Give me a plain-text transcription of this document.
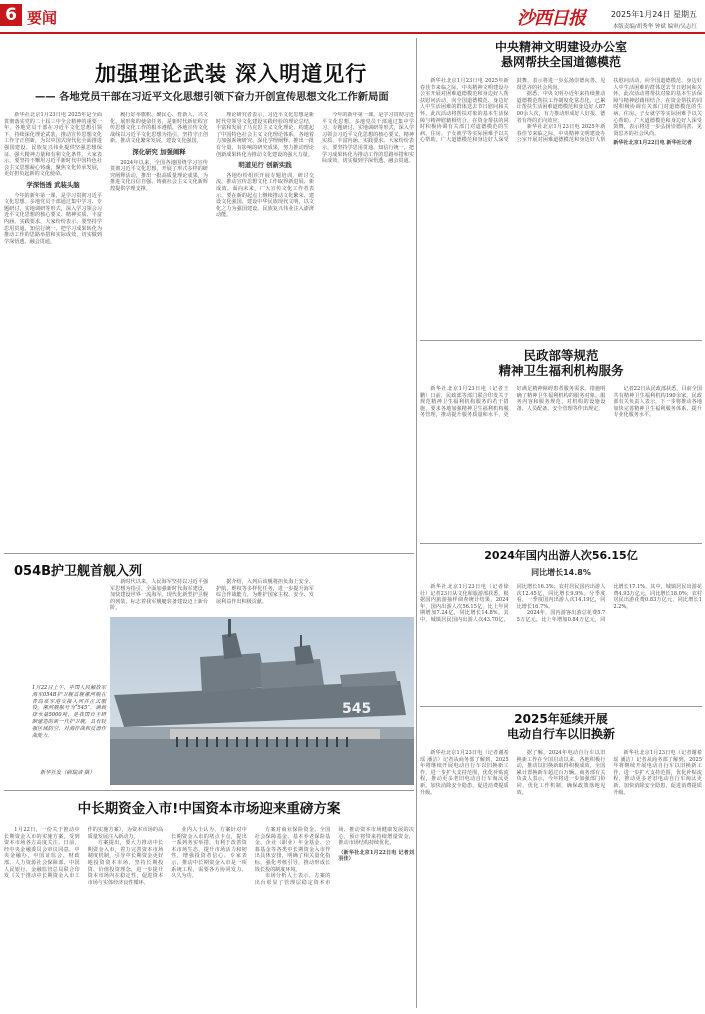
6 要闻	沙西日报	2025年1月24日 星期五
本版责编/胡秀华 钟斌 编审/吴志红
加强理论武装 深入明道见行
—— 各地党员干部在习近平文化思想引领下奋力开创宣传思想文化工作新局面

新华社北京1月23日电 2025年是全面贯彻落实党的二十届三中全会精神的重要一年。各地党员干部在习近平文化思想引领下，持续深化理论武装，推动宣传思想文化工作守正创新，为以中国式现代化全面推进强国建设、民族复兴伟业提供坚强思想保证、强大精神力量和有利文化条件。大家表示，要坚持不懈用习近平新时代中国特色社会主义思想凝心铸魂，聚焦文化传承发展，更好担负起新的文化使命。

学深悟透 武装头脑

今年的新年第一课，是学习贯彻习近平文化思想。多地党员干部通过集中学习、专题研讨、实地调研等形式，深入学习领会习近平文化思想的核心要义、精神实质、丰富内涵、实践要求。大家纷纷表示，要坚持学思用贯通、知信行统一，把学习成果转化为推动工作的思路举措和实际成效，切实做到学深悟透、融会贯通。

履行好举旗帜、聚民心、育新人、兴文化、展形象的使命任务，是新时代新征程宣传思想文化工作的根本遵循。各地宣传文化战线以习近平文化思想为指引，坚持守正创新，推动文化繁荣发展，建设文化强国。

深化研究 加强阐释

2024年以来，全国各地围绕学习宣传贯彻习近平文化思想，开展了形式多样的研究阐释活动，推出一批高质量理论成果，为推进文化自信自强、铸就社会主义文化新辉煌提供学理支撑。

理论研究者表示，习近平文化思想是新时代党领导文化建设实践经验的理论总结，丰富和发展了马克思主义文化理论，构建起了中国特色社会主义文化理论体系。各地着力加强系统研究、深化学理阐释，推出一批有分量、有影响的研究成果，努力推动理论创新成果转化为推动文化建设的强大力量。

明道见行 创新实践

各地纷纷组织开展专题培训、研讨交流，推动宣传思想文化工作取得新进展、新成效。面向未来，广大宣传文化工作者表示，要在新的起点上继续推动文化繁荣、建设文化强国、建设中华民族现代文明，以文化之力为强国建设、民族复兴伟业注入澎湃动能。

今年的新年第一课，是学习贯彻习近平文化思想。多地党员干部通过集中学习、专题研讨、实地调研等形式，深入学习领会习近平文化思想的核心要义、精神实质、丰富内涵、实践要求。大家纷纷表示，要坚持学思用贯通、知信行统一，把学习成果转化为推动工作的思路举措和实际成效，切实做到学深悟透、融会贯通。

054B护卫舰首舰入列

新时代以来，人民海军坚持以习近平强军思想为指引，全面加强新时代海军建设，加快建设世界一流海军。现代化新型护卫舰的列装，标志着我军舰艇装备建设迈上新台阶。

据介绍，入列后该舰将担负海上安全、护航、维权等多样化任务，进一步提升海军综合作战能力，为维护国家主权、安全、发展利益作出积极贡献。

545
1月22日上午，中国人民解放军海军054B护卫舰首舰漯河舰在青岛某军港交接入列并正式服役。漯河舰舷号为“545”，满载排水量5000吨，是我国自主研制建造的新一代护卫舰，具有较强区域防空、对海作战和反潜作战能力。
新华社发（薛瑞清 摄）
中央精神文明建设办公室
悬网帮扶全国道德模范

新华社北京1月23日电 2025年新春佳节来临之际，中央精神文明建设办公室开展对困难道德模范和身边好人帮扶慰问活动，向全国道德模范、身边好人中生活困难的群体送去节日慰问和关怀。此次活动将帮扶对象的基本生活保障与精神慰藉相结合，在资金帮扶的同时积极协调有关部门对道德模范的生病、住房、子女就学等实际困难予以关心帮助。广大道德模范和身边好人深受鼓舞，表示将进一步弘扬崇德向善、见贤思齐的社会风尚。

据悉，中央文明办近年来持续推动道德模范帮扶工作制度化常态化，已累计帮扶生活困难道德模范和身边好人8700余人次，有力推动形成好人好报、德者有得的正向效应。

新华社北京1月23日电 2025年新春佳节来临之际，中央精神文明建设办公室开展对困难道德模范和身边好人帮扶慰问活动，向全国道德模范、身边好人中生活困难的群体送去节日慰问和关怀。此次活动将帮扶对象的基本生活保障与精神慰藉相结合，在资金帮扶的同时积极协调有关部门对道德模范的生病、住房、子女就学等实际困难予以关心帮助。广大道德模范和身边好人深受鼓舞，表示将进一步弘扬崇德向善、见贤思齐的社会风尚。

新华社北京1月22日电 新华社记者
民政部等规范
精神卫生福利机构服务

新华社北京1月23日电（记者王鹏）日前，民政部等部门联合印发关于规范精神卫生福利机构服务的若干措施，要求各地加强精神卫生福利机构服务管理，推动提升服务质量和水平，更好满足精神障碍患者服务需求。措施明确了精神卫生福利机构的服务对象、服务内容和服务规范，对机构的设施设备、人员配备、安全管理等作出规定。

记者22日从民政部获悉，目前全国共有精神卫生福利机构190余家。民政部有关负责人表示，下一步将推动各地加快完善精神卫生福利服务体系，提升专业化服务水平。

2024年国内出游人次56.15亿
同比增长14.8%

新华社北京1月23日电（记者徐壮）记者23日从文化和旅游部获悉，根据国内旅游抽样调查统计结果，2024年，国内出游人次56.15亿，比上年同期增加7.24亿，同比增长14.8%。其中，城镇居民国内出游人次43.70亿，同比增长16.3%；农村居民国内出游人次12.45亿，同比增长9.9%。分季度看，一季度国内出游人次14.19亿，同比增长16.7%。

2024年，国内游客出游总花费5.75万亿元，比上年增加0.84万亿元，同比增长17.1%。其中，城镇居民出游花费4.93万亿元，同比增长18.0%；农村居民出游花费0.83万亿元，同比增长12.2%。

2025年延续开展
电动自行车以旧换新

新华社北京1月23日电（记者谢希瑶 潘洁）记者从商务部了解到，2025年将继续开展电动自行车以旧换新工作，进一步扩大支持范围，优化补贴流程，推动更多老旧电动自行车淘汰更新，加快消除安全隐患，促进消费提质升级。

据了解，2024年电动自行车以旧换新工作在全国启动以来，各地积极行动，推动以旧换新取得积极成效，全国累计置换新车超过百万辆。商务部有关负责人表示，今年将进一步加强部门协同，优化工作机制，确保政策落地见效。

新华社北京1月23日电（记者谢希瑶 潘洁）记者从商务部了解到，2025年将继续开展电动自行车以旧换新工作，进一步扩大支持范围，优化补贴流程，推动更多老旧电动自行车淘汰更新，加快消除安全隐患，促进消费提质升级。

中长期资金入市!中国资本市场迎来重磅方案

1月22日，一份关于推动中长期资金入市的实施方案，受到资本市场各方高度关注。日前，经中央金融委员会审议同意，中央金融办、中国证监会、财政部、人力资源社会保障部、中国人民银行、金融监管总局联合印发《关于推动中长期资金入市工作的实施方案》，为资本市场的高质量发展注入新动力。

方案提出，要大力推动中长期资金入市，着力完善资本市场制度机制，引导中长期资金更好地投资资本市场，坚持长期投资、价值投资理念，进一步提升资本市场内在稳定性，促进资本市场与实体经济良性循环。

业内人士认为，方案针对中长期资金入市的堵点卡点，提出一系列务实举措，有利于改善资本市场生态，提升市场活力和韧性，增强投资者信心。专家表示，推动中长期资金入市是一项系统工程，需要各方协同发力、久久为功。

方案对商业保险资金、全国社会保障基金、基本养老保险基金、企业（职业）年金基金、公募基金等各类中长期资金入市作出具体安排，明确了相关量化指标，强化考核引导，推动形成长钱长投的制度环境。

市场分析人士表示，方案的出台彰显了管理层稳定资本市场、推动资本市场健康发展的决心，预计将带来持续增量资金，推动市场结构持续优化。

（新华社北京1月22日电 记者刘羽佳）
